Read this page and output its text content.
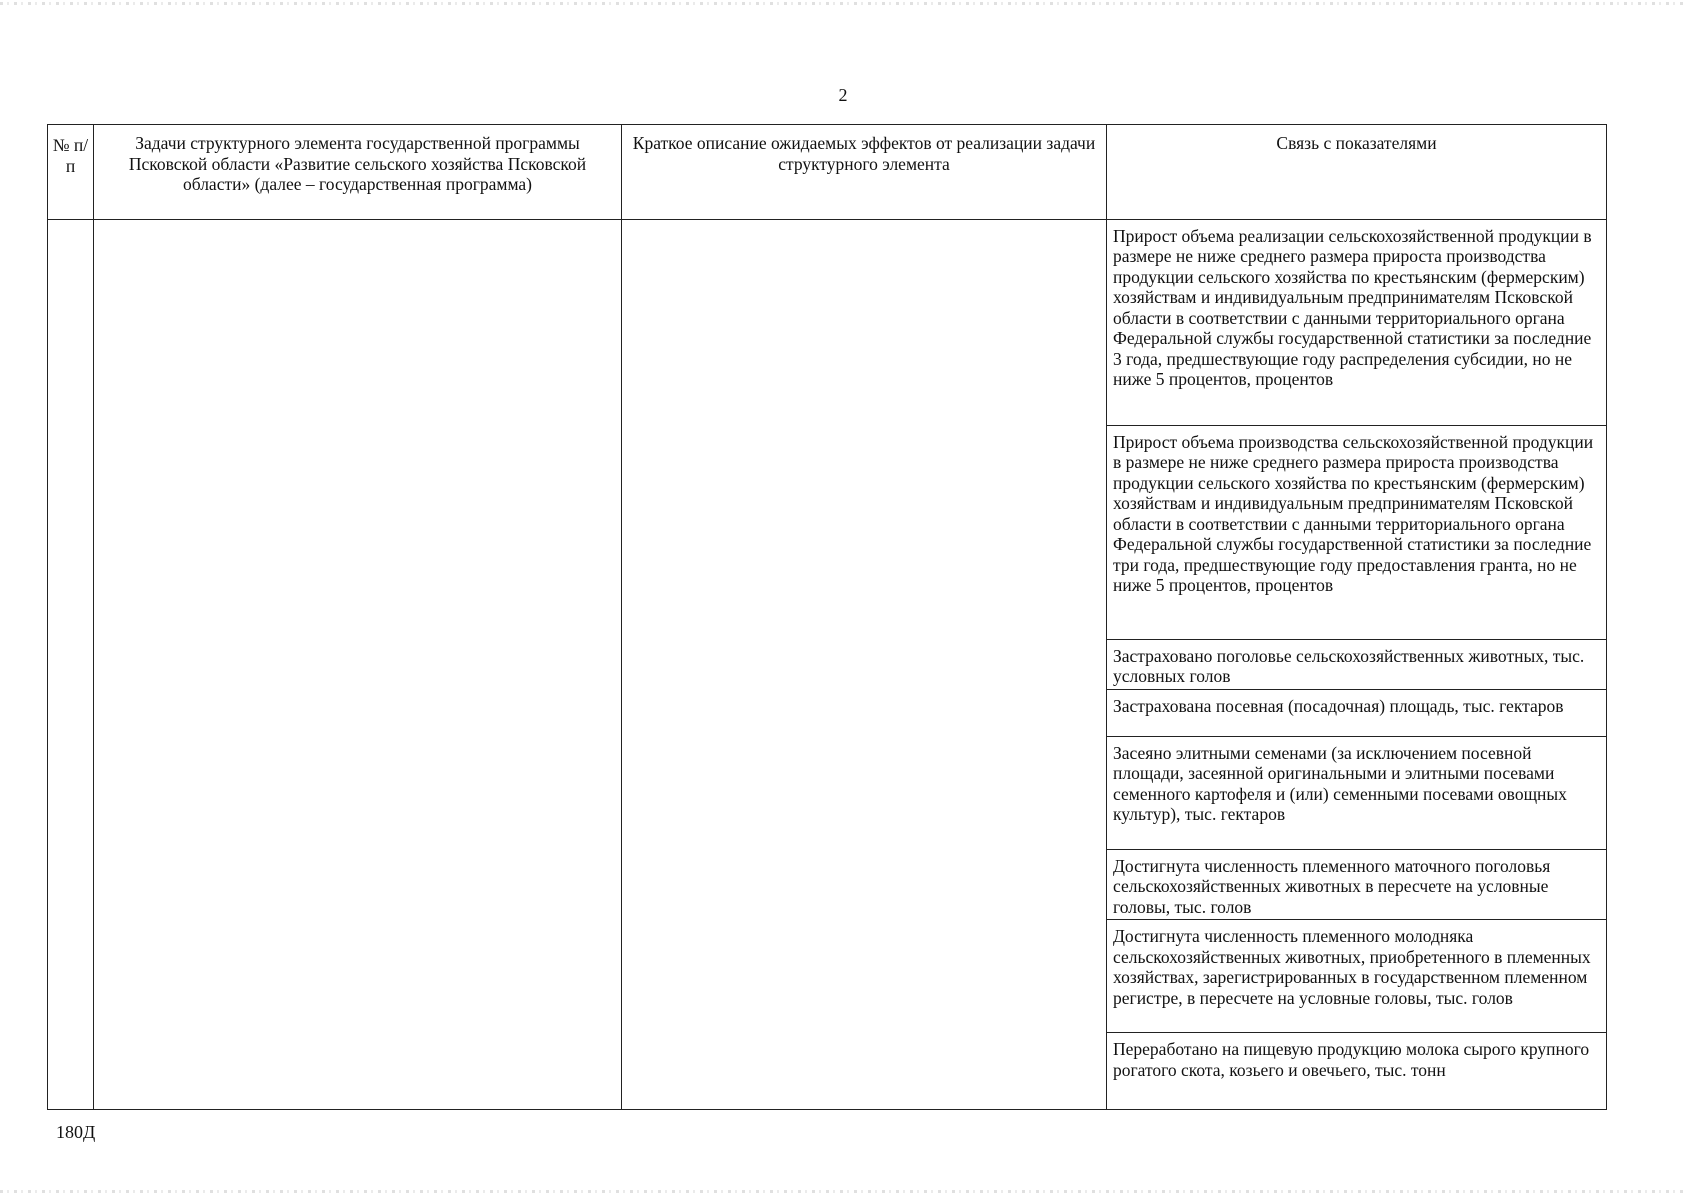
2
№ п/п	Задачи структурного элемента государственной программы Псковской области «Развитие сельского хозяйства Псковской области» (далее – государственная программа)	Краткое описание ожидаемых эффектов от реализации задачи структурного элемента	Связь с показателями
			Прирост объема реализации сельскохозяйственной продукции в размере не ниже среднего размера прироста производства продукции сельского хозяйства по крестьянским (фермерским) хозяйствам и индивидуальным предпринимателям Псковской области в соответствии с данными территориального органа Федеральной службы государственной статистики за последние 3 года, предшествующие году распределения субсидии, но не ниже 5 процентов, процентов
			Прирост объема производства сельскохозяйственной продукции в размере не ниже среднего размера прироста производства продукции сельского хозяйства по крестьянским (фермерским) хозяйствам и индивидуальным предпринимателям Псковской области в соответствии с данными территориального органа Федеральной службы государственной статистики за последние три года, предшествующие году предоставления гранта, но не ниже 5 процентов, процентов
			Застраховано поголовье сельскохозяйственных животных, тыс. условных голов
			Застрахована посевная (посадочная) площадь, тыс. гектаров
			Засеяно элитными семенами (за исключением посевной площади, засеянной оригинальными и элитными посевами семенного картофеля и (или) семенными посевами овощных культур), тыс. гектаров
			Достигнута численность племенного маточного поголовья сельскохозяйственных животных в пересчете на условные головы, тыс. голов
			Достигнута численность племенного молодняка сельскохозяйственных животных, приобретенного в племенных хозяйствах, зарегистрированных в государственном племенном регистре, в пересчете на условные головы, тыс. голов
			Переработано на пищевую продукцию молока сырого крупного рогатого скота, козьего и овечьего, тыс. тонн
180Д
